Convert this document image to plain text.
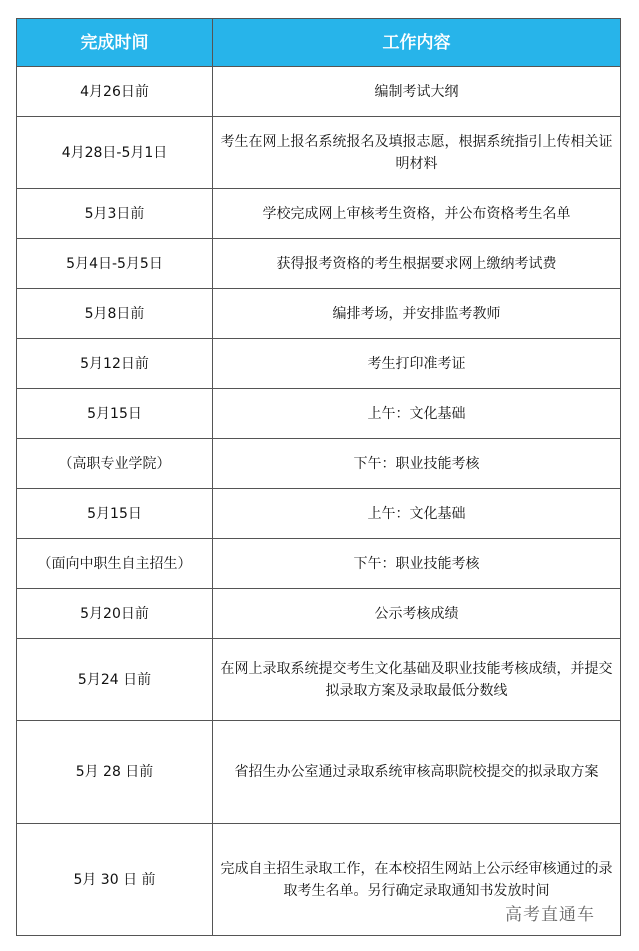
完成时间	工作内容
4月26日前	编制考试大纲
4月28日-5月1日	考生在网上报名系统报名及填报志愿，根据系统指引上传相关证明材料
5月3日前	学校完成网上审核考生资格，并公布资格考生名单
5月4日-5月5日	获得报考资格的考生根据要求网上缴纳考试费
5月8日前	编排考场，并安排监考教师
5月12日前	考生打印准考证
5月15日	上午：文化基础
（高职专业学院）	下午：职业技能考核
5月15日	上午：文化基础
（面向中职生自主招生）	下午：职业技能考核
5月20日前	公示考核成绩
5月24 日前	在网上录取系统提交考生文化基础及职业技能考核成绩，并提交拟录取方案及录取最低分数线
5月 28 日前	省招生办公室通过录取系统审核高职院校提交的拟录取方案
5月 30 日 前	完成自主招生录取工作，在本校招生网站上公示经审核通过的录取考生名单。另行确定录取通知书发放时间
高考直通车
